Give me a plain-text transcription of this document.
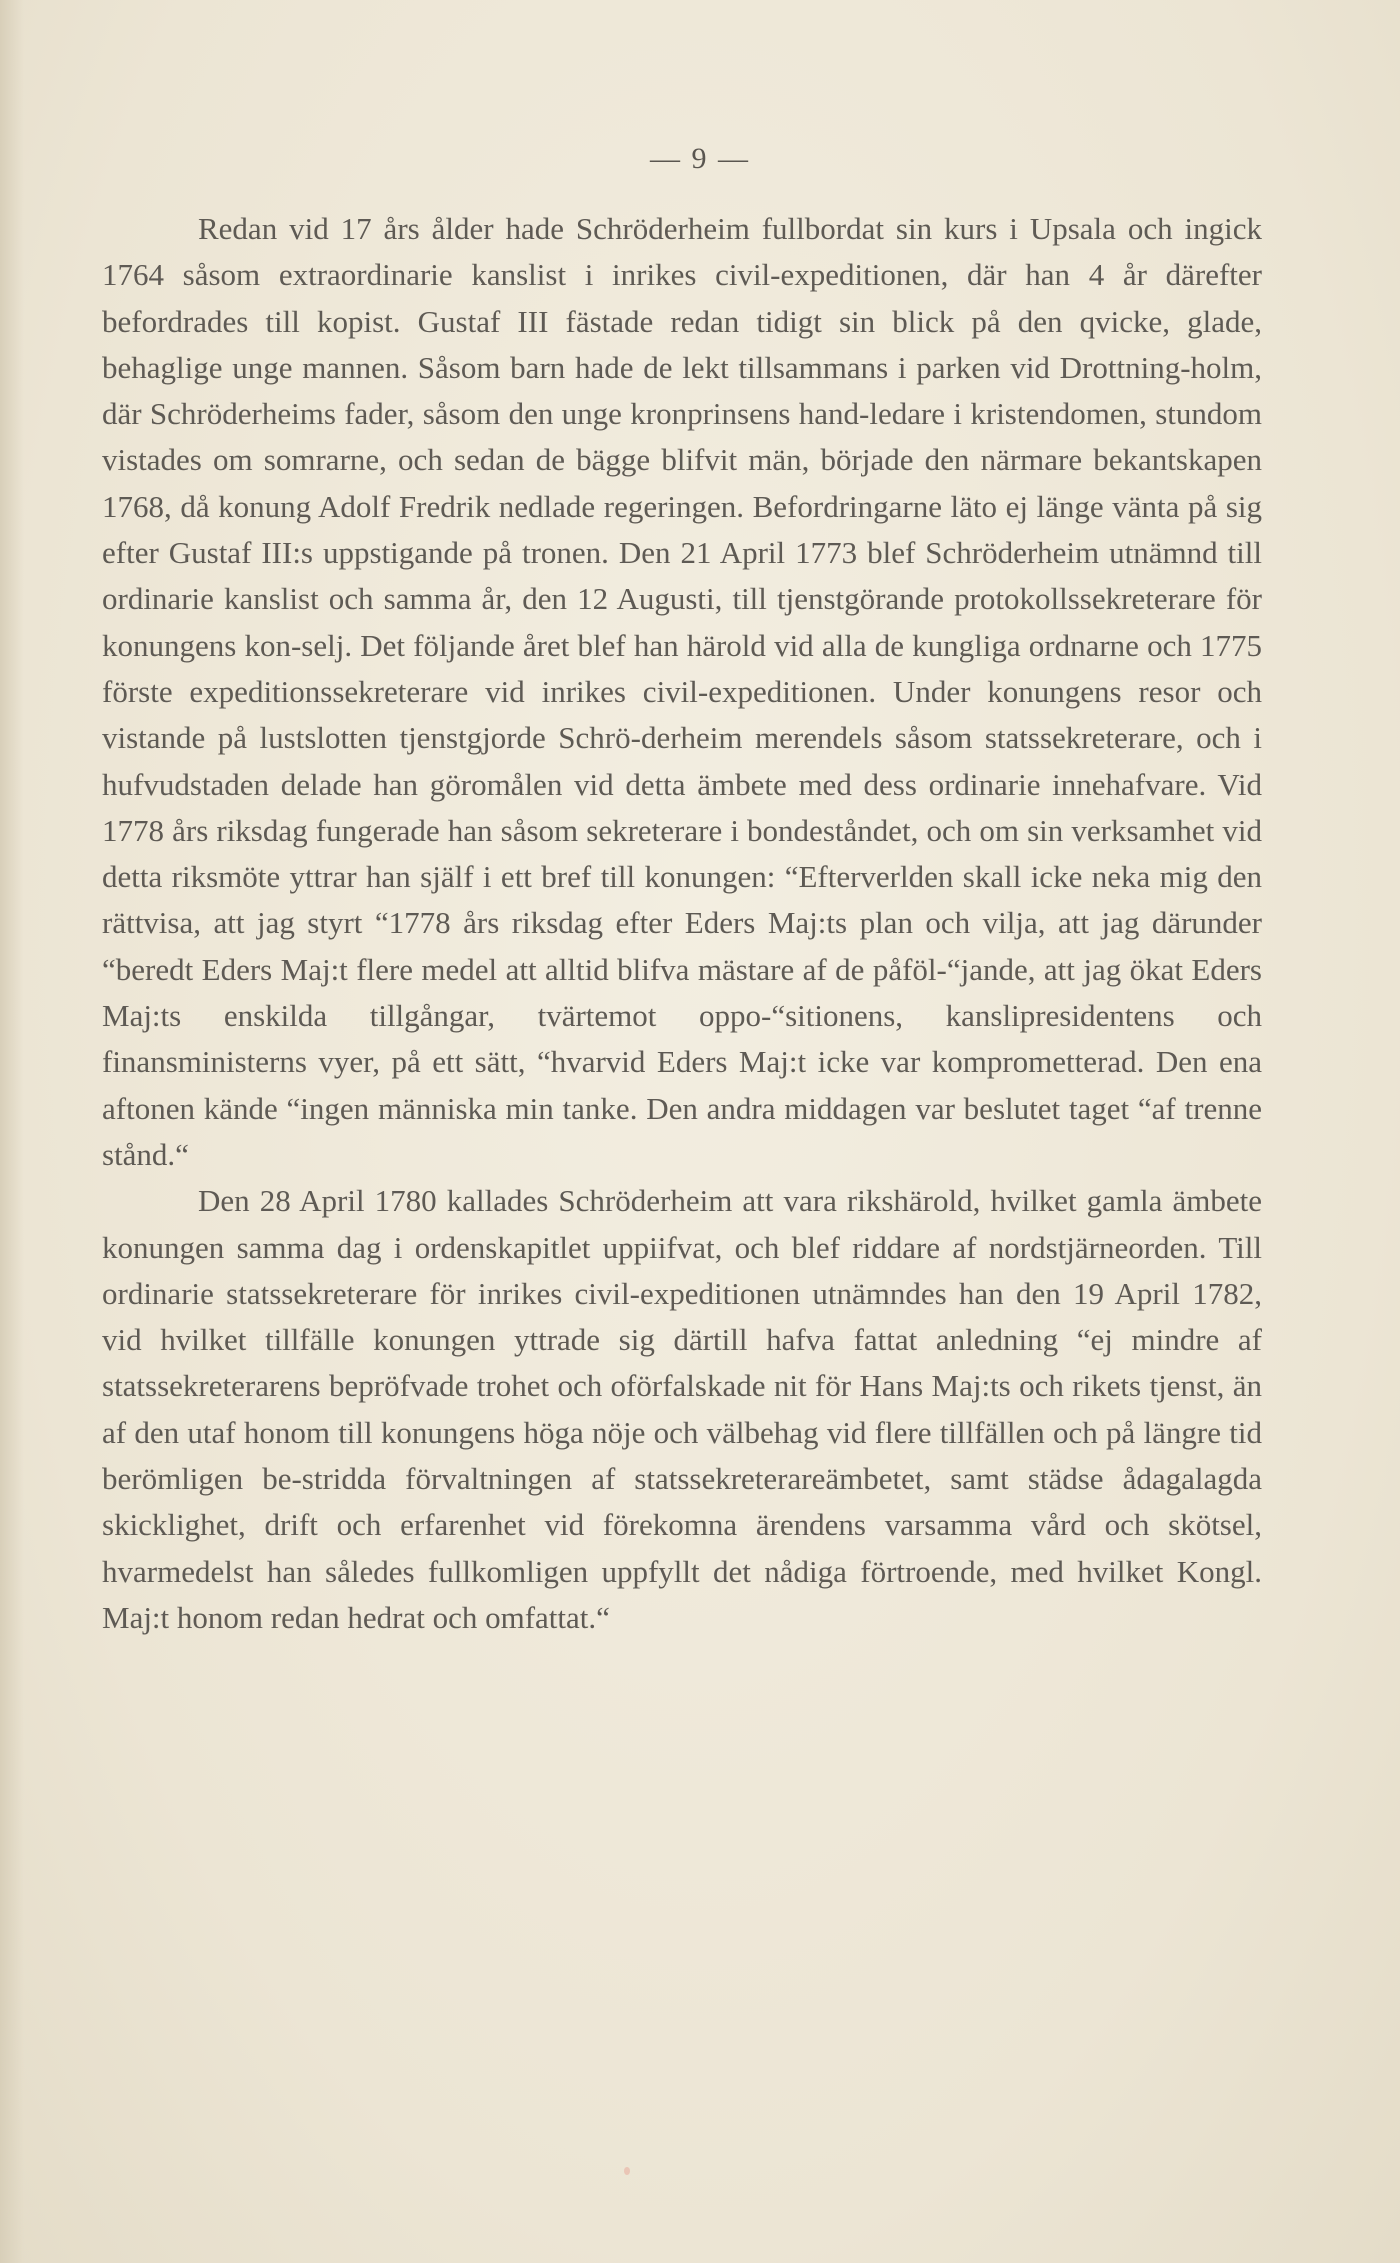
— 9 —

Redan vid 17 års ålder hade Schröderheim fullbordat sin kurs i Upsala och ingick 1764 såsom extraordinarie kanslist i inrikes civil-expeditionen, där han 4 år därefter befordrades till kopist. Gustaf III fästade redan tidigt sin blick på den qvicke, glade, behaglige unge mannen. Såsom barn hade de lekt tillsammans i parken vid Drottning-holm, där Schröderheims fader, såsom den unge kronprinsens hand-ledare i kristendomen, stundom vistades om somrarne, och sedan de bägge blifvit män, började den närmare bekantskapen 1768, då konung Adolf Fredrik nedlade regeringen. Befordringarne läto ej länge vänta på sig efter Gustaf III:s uppstigande på tronen. Den 21 April 1773 blef Schröderheim utnämnd till ordinarie kanslist och samma år, den 12 Augusti, till tjenstgörande protokollssekreterare för konungens kon-selj. Det följande året blef han härold vid alla de kungliga ordnarne och 1775 förste expeditionssekreterare vid inrikes civil-expeditionen. Under konungens resor och vistande på lustslotten tjenstgjorde Schrö-derheim merendels såsom statssekreterare, och i hufvudstaden delade han göromålen vid detta ämbete med dess ordinarie innehafvare. Vid 1778 års riksdag fungerade han såsom sekreterare i bondeståndet, och om sin verksamhet vid detta riksmöte yttrar han själf i ett bref till konungen: “Efterverlden skall icke neka mig den rättvisa, att jag styrt “1778 års riksdag efter Eders Maj:ts plan och vilja, att jag därunder “beredt Eders Maj:t flere medel att alltid blifva mästare af de påföl-“jande, att jag ökat Eders Maj:ts enskilda tillgångar, tvärtemot oppo-“sitionens, kanslipresidentens och finansministerns vyer, på ett sätt, “hvarvid Eders Maj:t icke var komprometterad. Den ena aftonen kände “ingen människa min tanke. Den andra middagen var beslutet taget “af trenne stånd.“

Den 28 April 1780 kallades Schröderheim att vara rikshärold, hvilket gamla ämbete konungen samma dag i ordenskapitlet uppiifvat, och blef riddare af nordstjärneorden. Till ordinarie statssekreterare för inrikes civil-expeditionen utnämndes han den 19 April 1782, vid hvilket tillfälle konungen yttrade sig därtill hafva fattat anledning “ej mindre af statssekreterarens bepröfvade trohet och oförfalskade nit för Hans Maj:ts och rikets tjenst, än af den utaf honom till konungens höga nöje och välbehag vid flere tillfällen och på längre tid berömligen be-stridda förvaltningen af statssekreterareämbetet, samt städse ådagalagda skicklighet, drift och erfarenhet vid förekomna ärendens varsamma vård och skötsel, hvarmedelst han således fullkomligen uppfyllt det nådiga förtroende, med hvilket Kongl. Maj:t honom redan hedrat och omfattat.“
